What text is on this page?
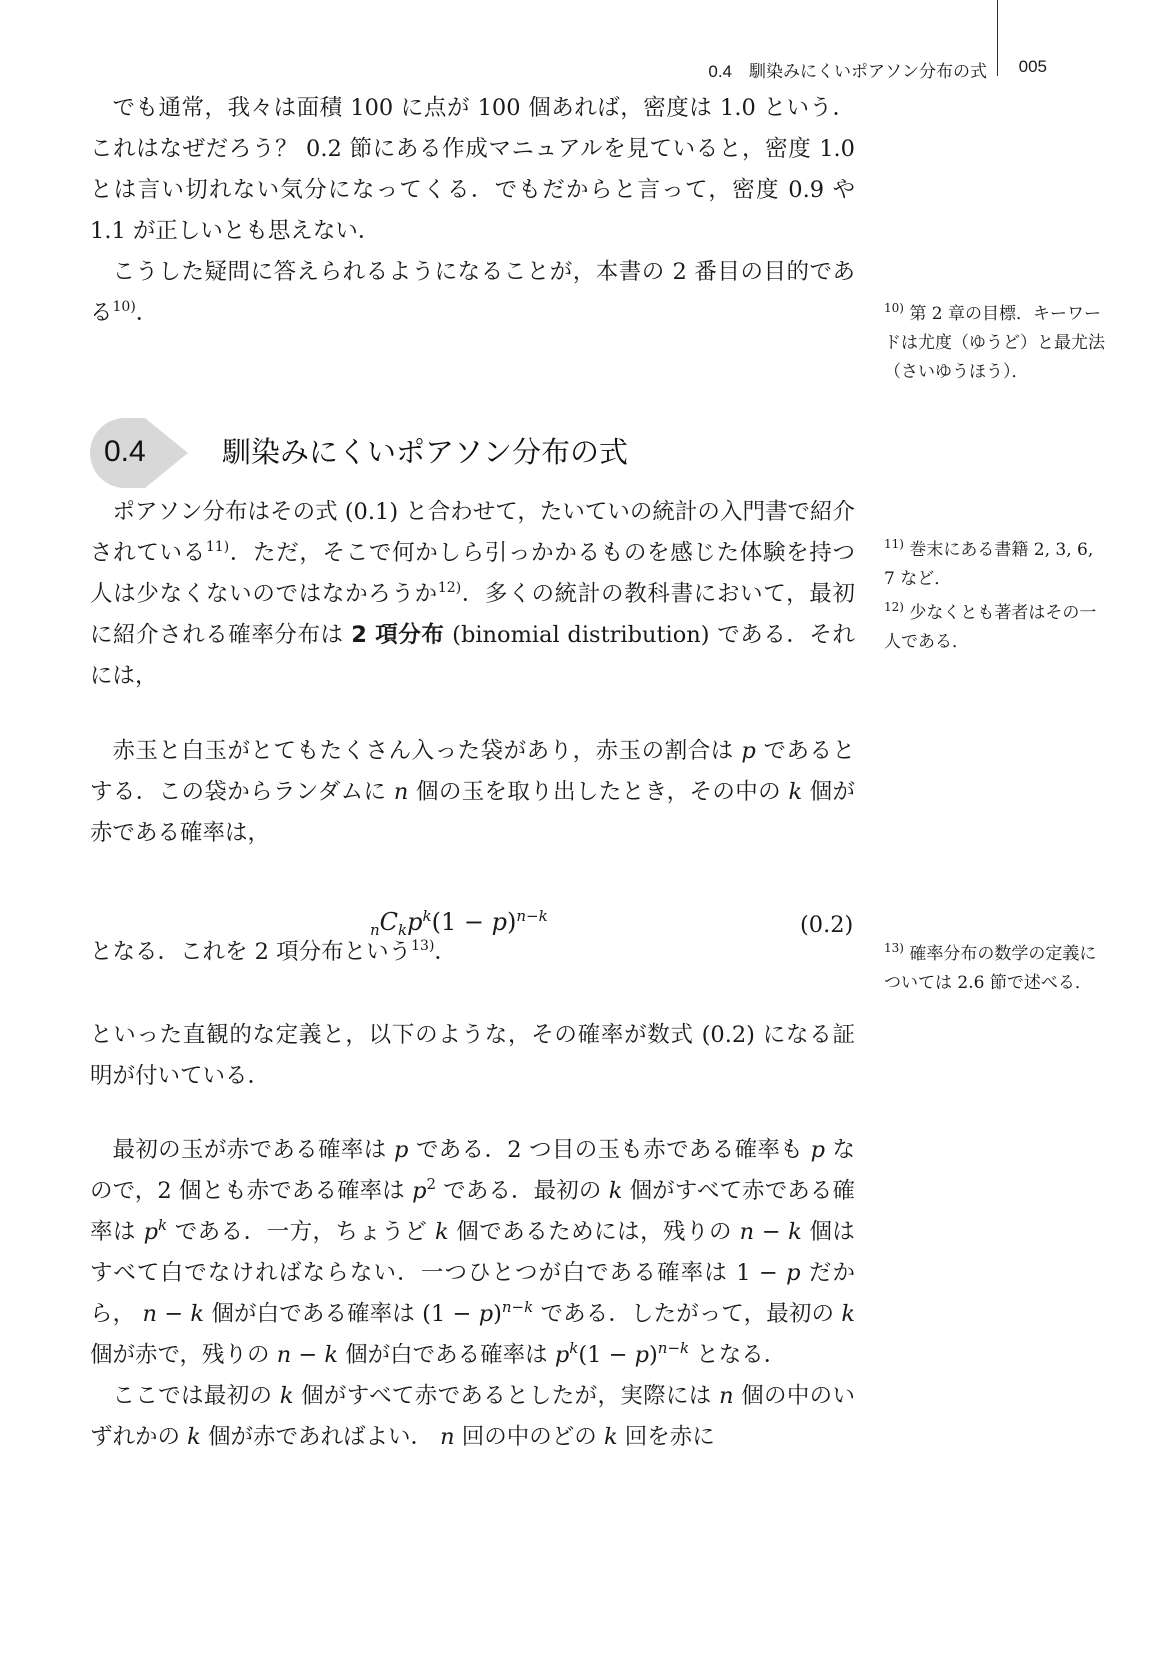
0.4　馴染みにくいポアソン分布の式 005

でも通常，我々は面積 100 に点が 100 個あれば，密度は 1.0 という．これはなぜだろう？ 0.2 節にある作成マニュアルを見ていると，密度 1.0 とは言い切れない気分になってくる．でもだからと言って，密度 0.9 や 1.1 が正しいとも思えない．

こうした疑問に答えられるようになることが，本書の 2 番目の目的である$^{10)}$．	$^{10)}$ 第 2 章の目標．キーワードは尤度（ゆうど）と最尤法（さいゆうほう）．
0.4	馴染みにくいポアソン分布の式

ポアソン分布はその式 (0.1) と合わせて，たいていの統計の入門書で紹介されている$^{11)}$．ただ，そこで何かしら引っかかるものを感じた体験を持つ人は少なくないのではなかろうか$^{12)}$．多くの統計の教科書において，最初に紹介される確率分布は 2 項分布 (binomial distribution) である．それには，

$^{11)}$ 巻末にある書籍 2, 3, 6, 7 など．
$^{12)}$ 少なくとも著者はその一人である．

赤玉と白玉がとてもたくさん入った袋があり，赤玉の割合は p であるとする．この袋からランダムに n 個の玉を取り出したとき，その中の k 個が赤である確率は，

$_nC_kp^k(1 - p)^{n-k}$	(0.2)

となる．これを 2 項分布という$^{13)}$．	$^{13)}$ 確率分布の数学の定義については 2.6 節で述べる．

といった直観的な定義と，以下のような，その確率が数式 (0.2) になる証明が付いている．

最初の玉が赤である確率は p である．2 つ目の玉も赤である確率も p なので，2 個とも赤である確率は $p^2$ である．最初の k 個がすべて赤である確率は $p^k$ である．一方，ちょうど k 個であるためには，残りの n − k 個はすべて白でなければならない．一つひとつが白である確率は 1 − p だから， n − k 個が白である確率は $(1 - p)^{n-k}$ である．したがって，最初の k 個が赤で，残りの n − k 個が白である確率は $p^k(1 - p)^{n-k}$ となる．

ここでは最初の k 個がすべて赤であるとしたが，実際には n 個の中のいずれかの k 個が赤であればよい． n 回の中のどの k 回を赤に
